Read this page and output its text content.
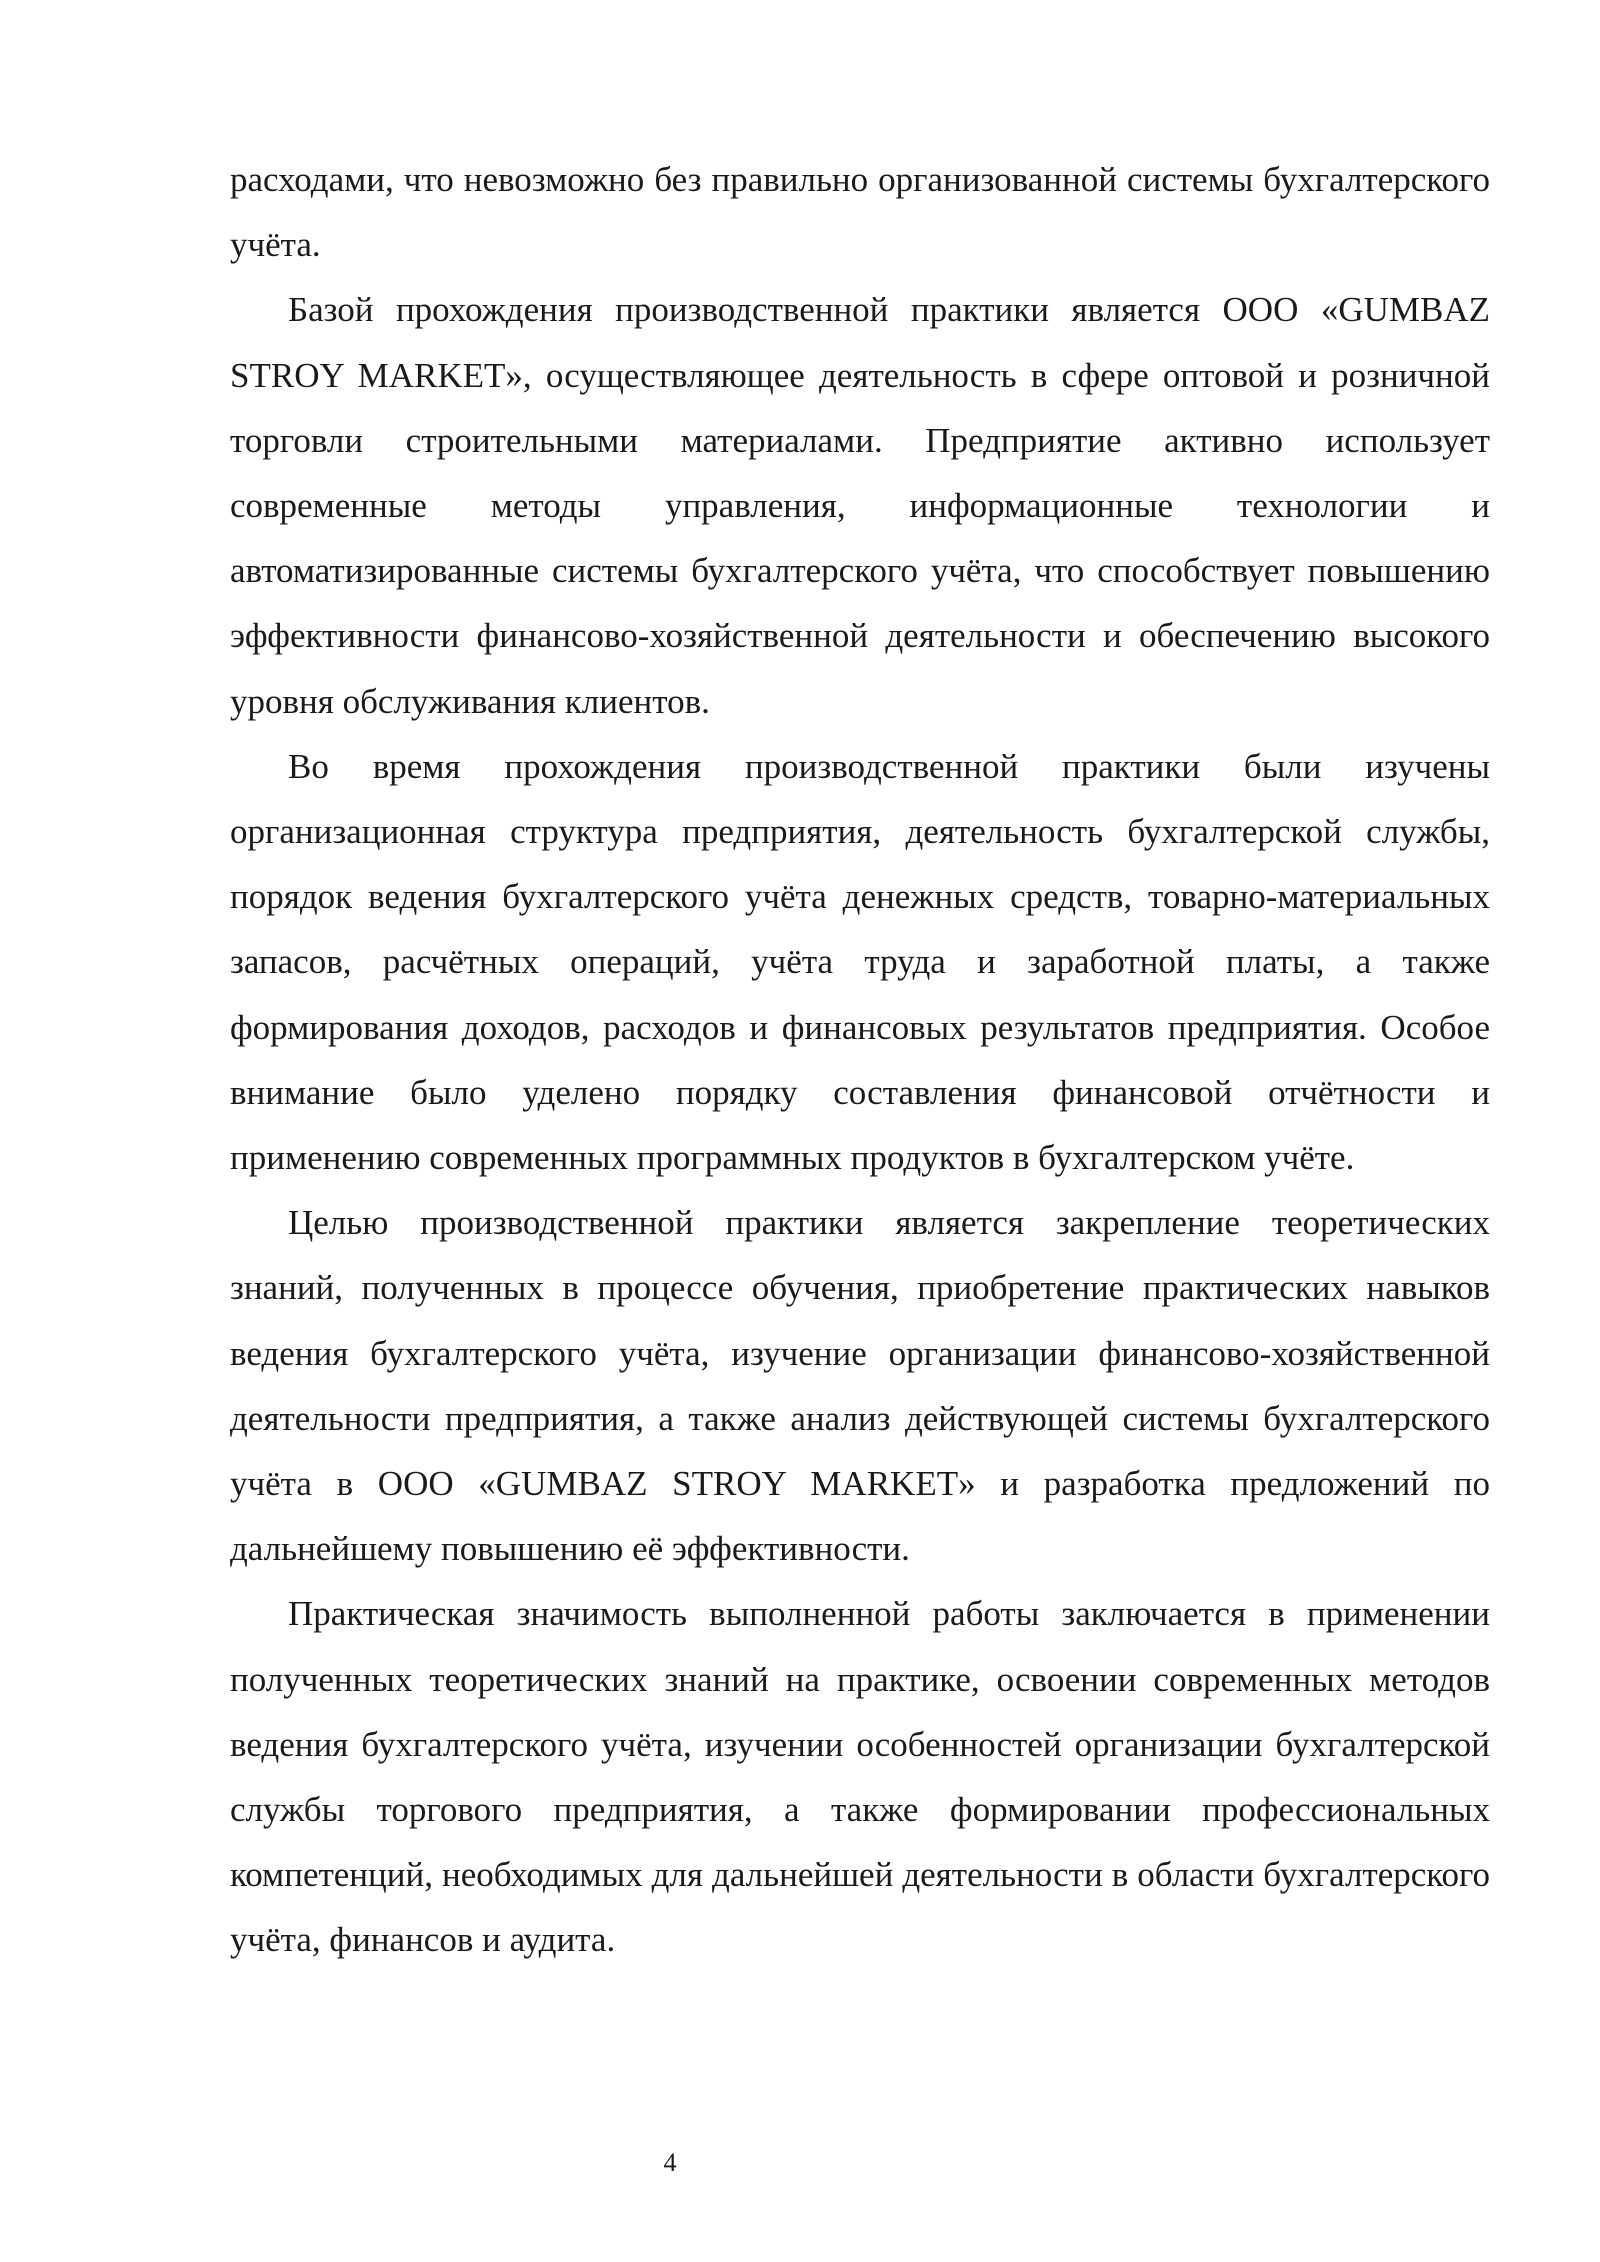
расходами, что невозможно без правильно организованной системы бухгалтерского учёта.

Базой прохождения производственной практики является ООО «GUMBAZ STROY MARKET», осуществляющее деятельность в сфере оптовой и розничной торговли строительными материалами. Предприятие активно использует современные методы управления, информационные технологии и автоматизированные системы бухгалтерского учёта, что способствует повышению эффективности финансово-хозяйственной деятельности и обеспечению высокого уровня обслуживания клиентов.

Во время прохождения производственной практики были изучены организационная структура предприятия, деятельность бухгалтерской службы, порядок ведения бухгалтерского учёта денежных средств, товарно-материальных запасов, расчётных операций, учёта труда и заработной платы, а также формирования доходов, расходов и финансовых результатов предприятия. Особое внимание было уделено порядку составления финансовой отчётности и применению современных программных продуктов в бухгалтерском учёте.

Целью производственной практики является закрепление теоретических знаний, полученных в процессе обучения, приобретение практических навыков ведения бухгалтерского учёта, изучение организации финансово-хозяйственной деятельности предприятия, а также анализ действующей системы бухгалтерского учёта в ООО «GUMBAZ STROY MARKET» и разработка предложений по дальнейшему повышению её эффективности.

Практическая значимость выполненной работы заключается в применении полученных теоретических знаний на практике, освоении современных методов ведения бухгалтерского учёта, изучении особенностей организации бухгалтерской службы торгового предприятия, а также формировании профессиональных компетенций, необходимых для дальнейшей деятельности в области бухгалтерского учёта, финансов и аудита.

4
